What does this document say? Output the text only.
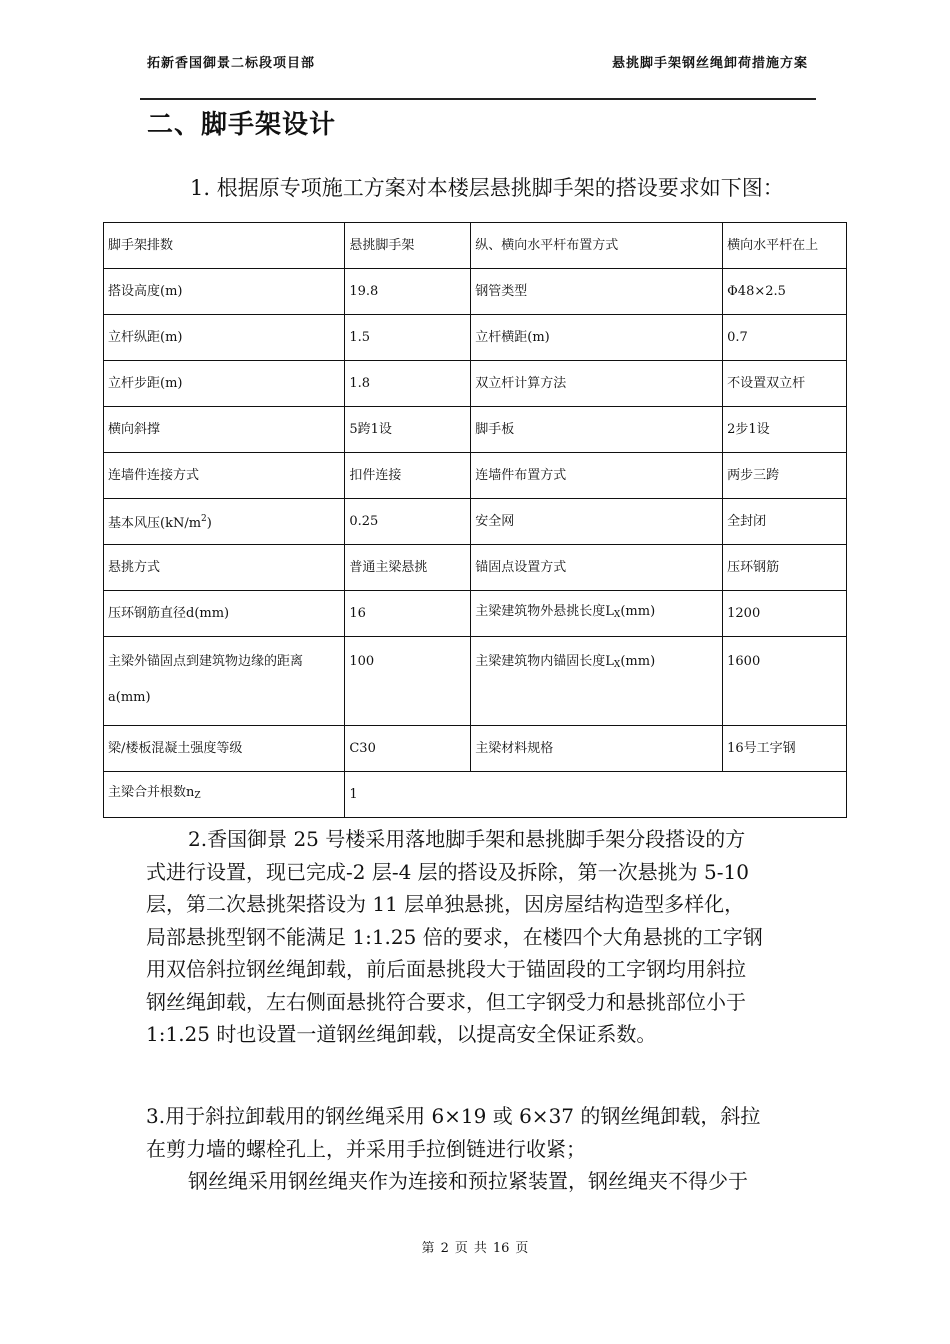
拓新香国御景二标段项目部	悬挑脚手架钢丝绳卸荷措施方案
二、脚手架设计
1. 根据原专项施工方案对本楼层悬挑脚手架的搭设要求如下图：
脚手架排数	悬挑脚手架	纵、横向水平杆布置方式	横向水平杆在上
搭设高度(m)	19.8	钢管类型	Φ48×2.5
立杆纵距(m)	1.5	立杆横距(m)	0.7
立杆步距(m)	1.8	双立杆计算方法	不设置双立杆
横向斜撑	5跨1设	脚手板	2步1设
连墙件连接方式	扣件连接	连墙件布置方式	两步三跨
基本风压$(kN/m^2)$	0.25	安全网	全封闭
悬挑方式	普通主梁悬挑	锚固点设置方式	压环钢筋
压环钢筋直径d(mm)	16	主梁建筑物外悬挑长度$L_X(mm)$	1200
主梁外锚固点到建筑物边缘的距离
a(mm)	100	主梁建筑物内锚固长度$L_X(mm)$	1600
梁/楼板混凝土强度等级	C30	主梁材料规格	16号工字钢
主梁合并根数$n_Z$	1		
2.香国御景 25 号楼采用落地脚手架和悬挑脚手架分段搭设的方
式进行设置，现已完成-2 层-4 层的搭设及拆除，第一次悬挑为 5-10
层，第二次悬挑架搭设为 11 层单独悬挑，因房屋结构造型多样化，
局部悬挑型钢不能满足 1:1.25 倍的要求，在楼四个大角悬挑的工字钢
用双倍斜拉钢丝绳卸载，前后面悬挑段大于锚固段的工字钢均用斜拉
钢丝绳卸载，左右侧面悬挑符合要求，但工字钢受力和悬挑部位小于
1:1.25 时也设置一道钢丝绳卸载，以提高安全保证系数。
3.用于斜拉卸载用的钢丝绳采用 6×19 或 6×37 的钢丝绳卸载，斜拉
在剪力墙的螺栓孔上，并采用手拉倒链进行收紧；
钢丝绳采用钢丝绳夹作为连接和预拉紧装置，钢丝绳夹不得少于
第 2 页 共 16 页
